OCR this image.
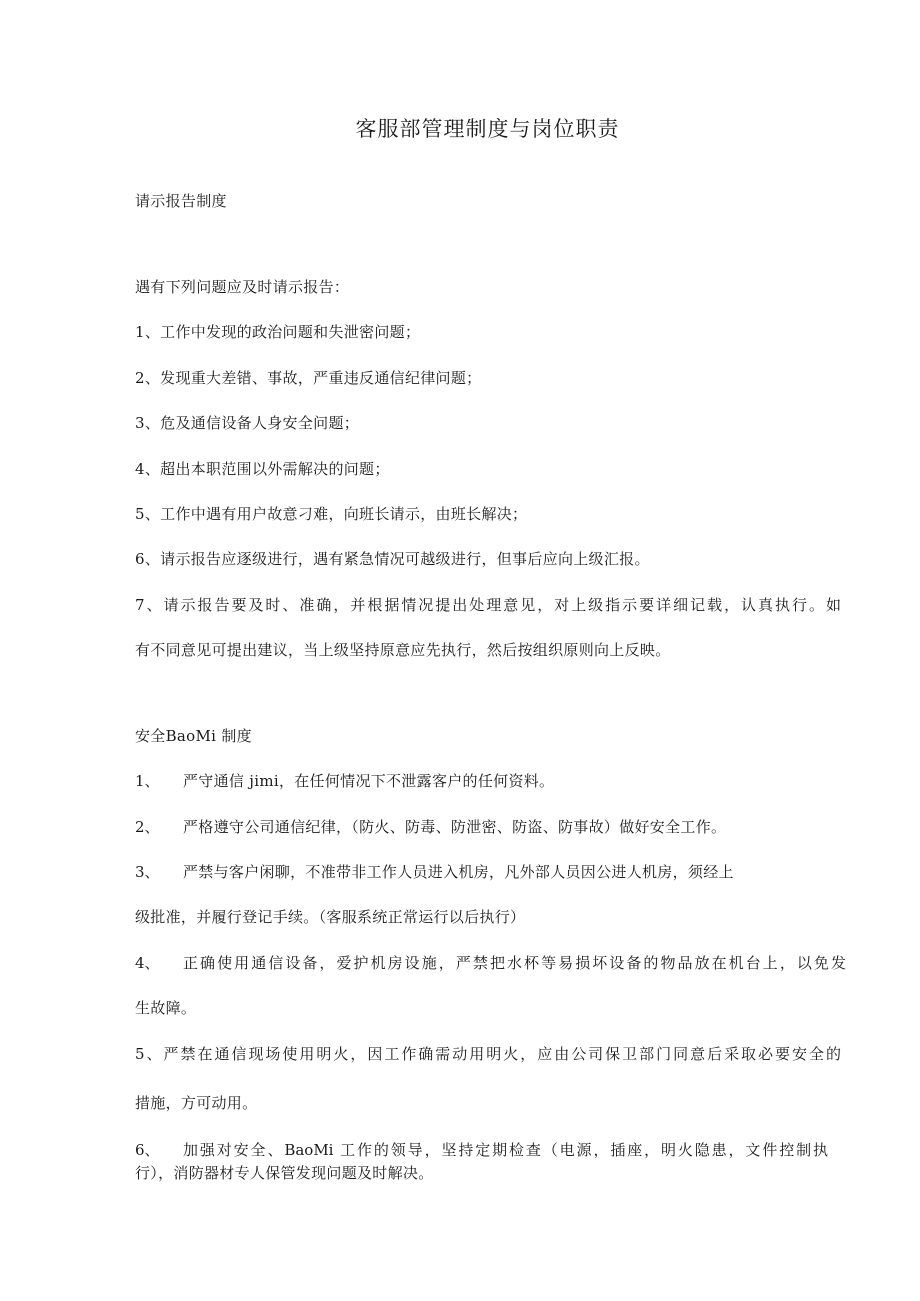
客服部管理制度与岗位职责
请示报告制度
遇有下列问题应及时请示报告：
1、工作中发现的政治问题和失泄密问题；
2、发现重大差错、事故，严重违反通信纪律问题；
3、危及通信设备人身安全问题；
4、超出本职范围以外需解决的问题；
5、工作中遇有用户故意刁难，向班长请示，由班长解决；
6、请示报告应逐级进行，遇有紧急情况可越级进行，但事后应向上级汇报。
7、请示报告要及时、准确，并根据情况提出处理意见，对上级指示要详细记载，认真执行。如
有不同意见可提出建议，当上级坚持原意应先执行，然后按组织原则向上反映。
安全BaoMi 制度
1、 严守通信 jimi，在任何情况下不泄露客户的任何资料。
2、 严格遵守公司通信纪律，（防火、防毒、防泄密、防盗、防事故）做好安全工作。
3、 严禁与客户闲聊，不准带非工作人员进入机房，凡外部人员因公进人机房，须经上
级批准，并履行登记手续。（客服系统正常运行以后执行）
4、 正确使用通信设备，爱护机房设施，严禁把水杯等易损坏设备的物品放在机台上，以免发
生故障。
5、严禁在通信现场使用明火，因工作确需动用明火，应由公司保卫部门同意后采取必要安全的
措施，方可动用。
6、 加强对安全、BaoMi 工作的领导，坚持定期检查（电源，插座，明火隐患，文件控制执
行），消防器材专人保管发现问题及时解决。
